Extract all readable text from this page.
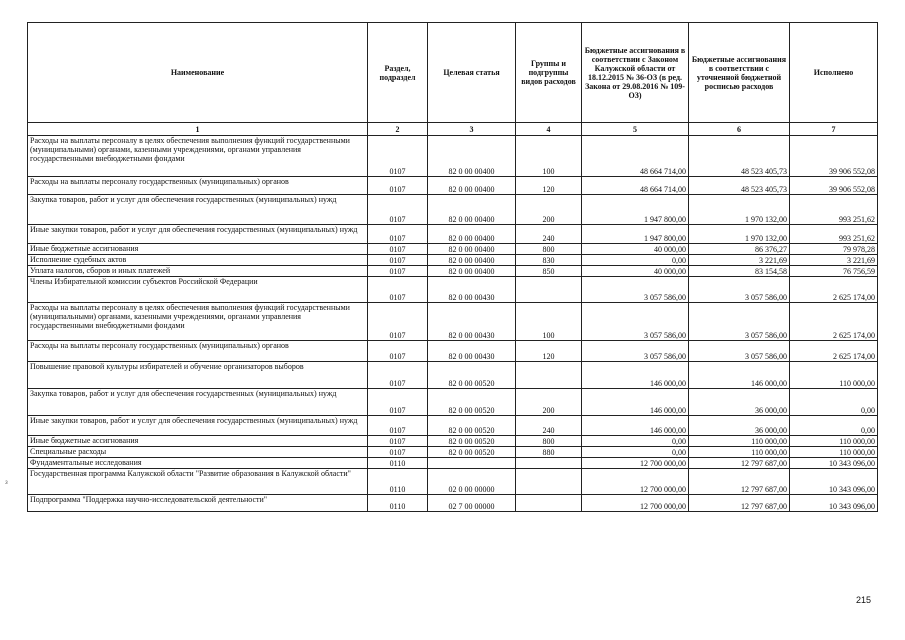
Наименование	Раздел, подраздел	Целевая статья	Группы и подгруппы видов расходов	Бюджетные ассигнования в соответствии с Законом Калужской области от 18.12.2015 № 36-ОЗ (в ред. Закона от 29.08.2016 № 109-ОЗ)	Бюджетные ассигнования в соответствии с уточненной бюджетной росписью расходов	Исполнено
1	2	3	4	5	6	7
Расходы на выплаты персоналу в целях обеспечения выполнения функций государственными (муниципальными) органами, казенными учреждениями, органами управления государственными внебюджетными фондами	0107	82 0 00 00400	100	48 664 714,00	48 523 405,73	39 906 552,08
Расходы на выплаты персоналу государственных (муниципальных) органов	0107	82 0 00 00400	120	48 664 714,00	48 523 405,73	39 906 552,08
Закупка товаров, работ и услуг для обеспечения государственных (муниципальных) нужд	0107	82 0 00 00400	200	1 947 800,00	1 970 132,00	993 251,62
Иные закупки товаров, работ и услуг для обеспечения государственных (муниципальных) нужд	0107	82 0 00 00400	240	1 947 800,00	1 970 132,00	993 251,62
Иные бюджетные ассигнования	0107	82 0 00 00400	800	40 000,00	86 376,27	79 978,28
Исполнение судебных актов	0107	82 0 00 00400	830	0,00	3 221,69	3 221,69
Уплата налогов, сборов и иных платежей	0107	82 0 00 00400	850	40 000,00	83 154,58	76 756,59
Члены Избирательной комиссии субъектов Российской Федерации	0107	82 0 00 00430		3 057 586,00	3 057 586,00	2 625 174,00
Расходы на выплаты персоналу в целях обеспечения выполнения функций государственными (муниципальными) органами, казенными учреждениями, органами управления государственными внебюджетными фондами	0107	82 0 00 00430	100	3 057 586,00	3 057 586,00	2 625 174,00
Расходы на выплаты персоналу государственных (муниципальных) органов	0107	82 0 00 00430	120	3 057 586,00	3 057 586,00	2 625 174,00
Повышение правовой культуры избирателей и обучение организаторов выборов	0107	82 0 00 00520		146 000,00	146 000,00	110 000,00
Закупка товаров, работ и услуг для обеспечения государственных (муниципальных) нужд	0107	82 0 00 00520	200	146 000,00	36 000,00	0,00
Иные закупки товаров, работ и услуг для обеспечения государственных (муниципальных) нужд	0107	82 0 00 00520	240	146 000,00	36 000,00	0,00
Иные бюджетные ассигнования	0107	82 0 00 00520	800	0,00	110 000,00	110 000,00
Специальные расходы	0107	82 0 00 00520	880	0,00	110 000,00	110 000,00
Фундаментальные исследования	0110			12 700 000,00	12 797 687,00	10 343 096,00
Государственная программа Калужской области "Развитие образования в Калужской области"	0110	02 0 00 00000		12 700 000,00	12 797 687,00	10 343 096,00
Подпрограмма "Поддержка научно-исследовательской деятельности"	0110	02 7 00 00000		12 700 000,00	12 797 687,00	10 343 096,00
з
215
